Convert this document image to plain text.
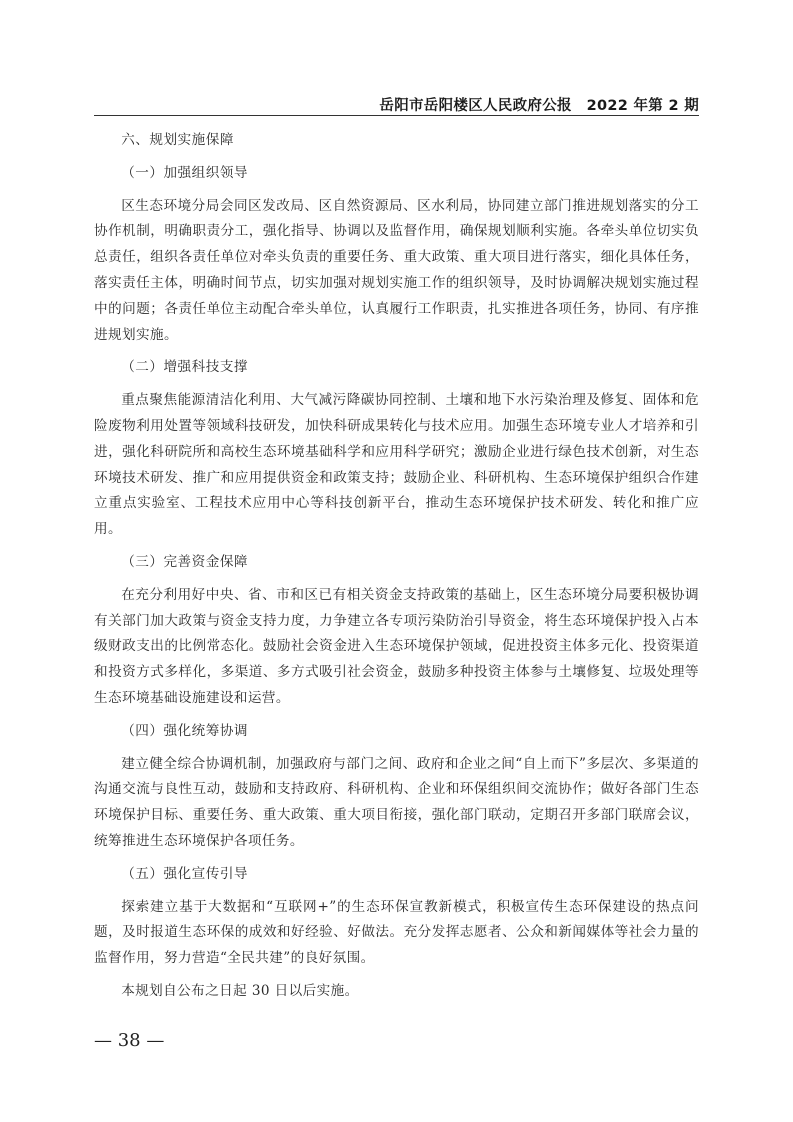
岳阳市岳阳楼区人民政府公报　2022 年第 2 期
六、规划实施保障
（一）加强组织领导

区生态环境分局会同区发改局、区自然资源局、区水利局，协同建立部门推进规划落实的分工协作机制，明确职责分工，强化指导、协调以及监督作用，确保规划顺利实施。各牵头单位切实负总责任，组织各责任单位对牵头负责的重要任务、重大政策、重大项目进行落实，细化具体任务，落实责任主体，明确时间节点，切实加强对规划实施工作的组织领导，及时协调解决规划实施过程中的问题；各责任单位主动配合牵头单位，认真履行工作职责，扎实推进各项任务，协同、有序推进规划实施。

（二）增强科技支撑

重点聚焦能源清洁化利用、大气减污降碳协同控制、土壤和地下水污染治理及修复、固体和危险废物利用处置等领域科技研发，加快科研成果转化与技术应用。加强生态环境专业人才培养和引进，强化科研院所和高校生态环境基础科学和应用科学研究；激励企业进行绿色技术创新，对生态环境技术研发、推广和应用提供资金和政策支持；鼓励企业、科研机构、生态环境保护组织合作建立重点实验室、工程技术应用中心等科技创新平台，推动生态环境保护技术研发、转化和推广应用。

（三）完善资金保障

在充分利用好中央、省、市和区已有相关资金支持政策的基础上，区生态环境分局要积极协调有关部门加大政策与资金支持力度，力争建立各专项污染防治引导资金，将生态环境保护投入占本级财政支出的比例常态化。鼓励社会资金进入生态环境保护领域，促进投资主体多元化、投资渠道和投资方式多样化，多渠道、多方式吸引社会资金，鼓励多种投资主体参与土壤修复、垃圾处理等生态环境基础设施建设和运营。

（四）强化统筹协调

建立健全综合协调机制，加强政府与部门之间、政府和企业之间“自上而下”多层次、多渠道的沟通交流与良性互动，鼓励和支持政府、科研机构、企业和环保组织间交流协作；做好各部门生态环境保护目标、重要任务、重大政策、重大项目衔接，强化部门联动，定期召开多部门联席会议，统筹推进生态环境保护各项任务。

（五）强化宣传引导

探索建立基于大数据和“互联网+”的生态环保宣教新模式，积极宣传生态环保建设的热点问题，及时报道生态环保的成效和好经验、好做法。充分发挥志愿者、公众和新闻媒体等社会力量的监督作用，努力营造“全民共建”的良好氛围。

本规划自公布之日起 30 日以后实施。

— 38 —
